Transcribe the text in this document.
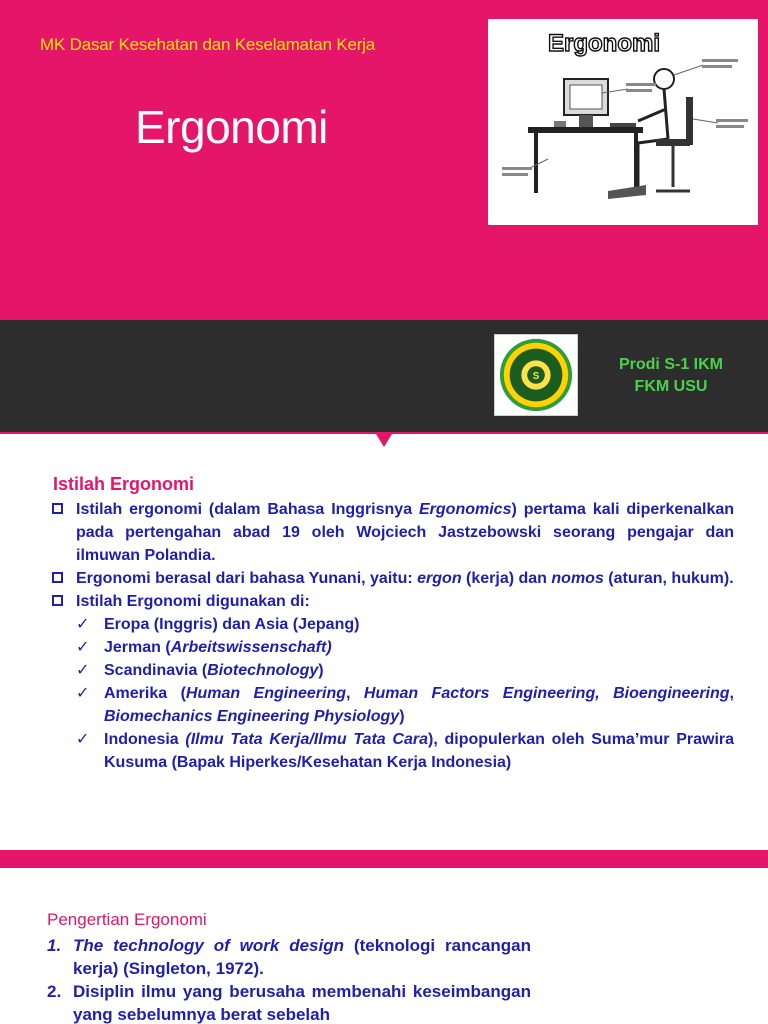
MK Dasar Kesehatan dan Keselamatan Kerja
Ergonomi
Ergonomi
S
Prodi S-1 IKM
FKM USU
Istilah Ergonomi
Istilah ergonomi (dalam Bahasa Inggrisnya Ergonomics) pertama kali diperkenalkan pada pertengahan abad 19 oleh Wojciech Jastzebowski seorang pengajar dan ilmuwan Polandia.
Ergonomi berasal dari bahasa Yunani, yaitu: ergon (kerja) dan nomos (aturan, hukum).
Istilah Ergonomi digunakan di:
✓ Eropa (Inggris) dan Asia (Jepang)
✓ Jerman (Arbeitswissenschaft)
✓ Scandinavia (Biotechnology)
✓ Amerika (Human Engineering, Human Factors Engineering, Bioengineering, Biomechanics Engineering Physiology)
✓ Indonesia (Ilmu Tata Kerja/Ilmu Tata Cara), dipopulerkan oleh Suma’mur Prawira Kusuma (Bapak Hiperkes/Kesehatan Kerja Indonesia)
Pengertian Ergonomi
1. The technology of work design (teknologi rancangan kerja) (Singleton, 1972).
2. Disiplin ilmu yang berusaha membenahi keseimbangan yang sebelumnya berat sebelah
